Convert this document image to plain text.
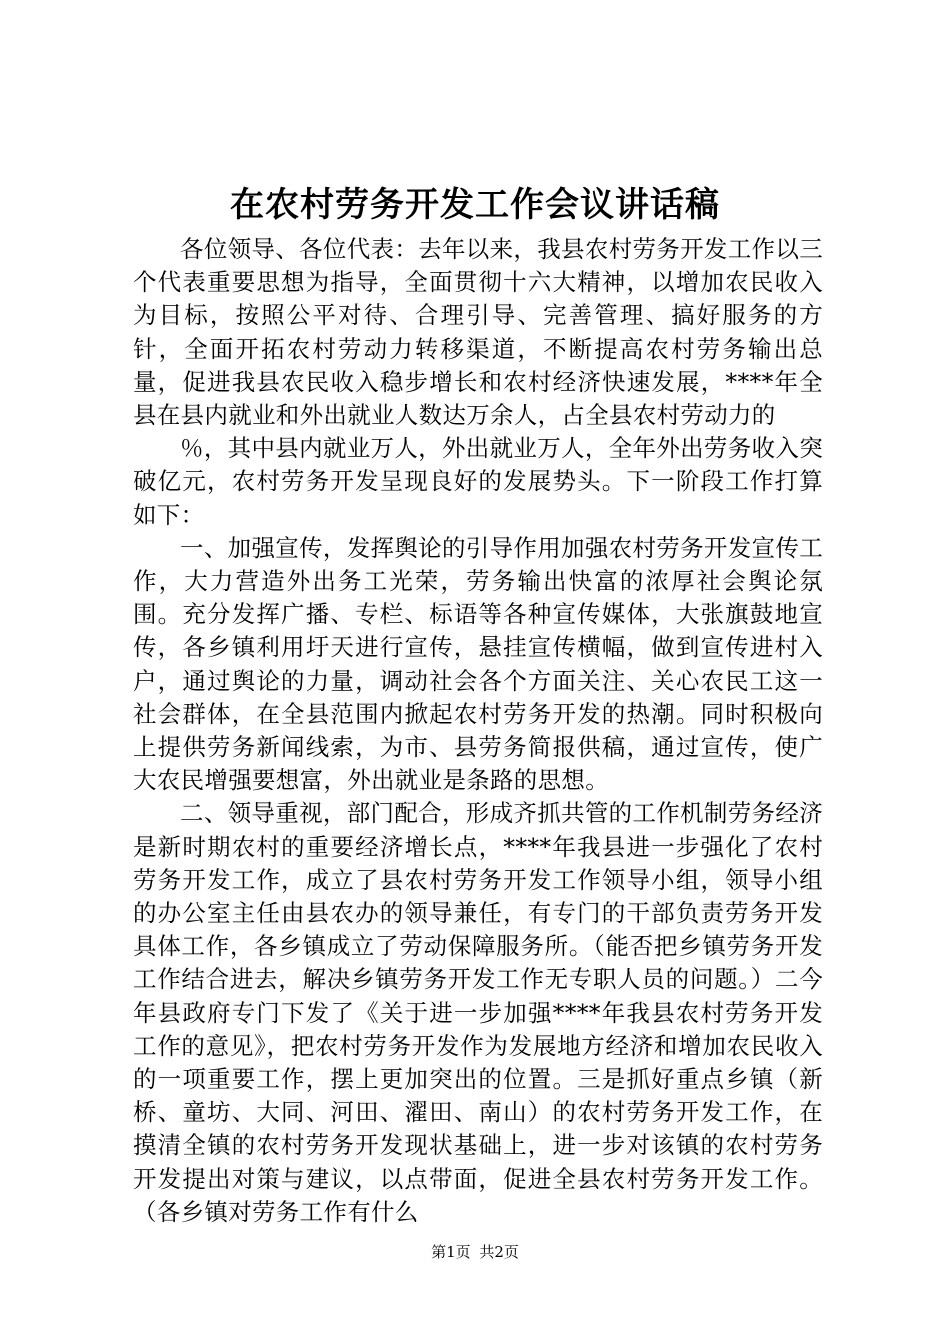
在农村劳务开发工作会议讲话稿

各位领导、各位代表：去年以来，我县农村劳务开发工作以三个代表重要思想为指导，全面贯彻十六大精神，以增加农民收入为目标，按照公平对待、合理引导、完善管理、搞好服务的方针，全面开拓农村劳动力转移渠道，不断提高农村劳务输出总量，促进我县农民收入稳步增长和农村经济快速发展，****年全县在县内就业和外出就业人数达万余人，占全县农村劳动力的

％，其中县内就业万人，外出就业万人，全年外出劳务收入突破亿元，农村劳务开发呈现良好的发展势头。下一阶段工作打算如下：

一、加强宣传，发挥舆论的引导作用加强农村劳务开发宣传工作，大力营造外出务工光荣，劳务输出快富的浓厚社会舆论氛围。充分发挥广播、专栏、标语等各种宣传媒体，大张旗鼓地宣传，各乡镇利用圩天进行宣传，悬挂宣传横幅，做到宣传进村入户，通过舆论的力量，调动社会各个方面关注、关心农民工这一社会群体，在全县范围内掀起农村劳务开发的热潮。同时积极向上提供劳务新闻线索，为市、县劳务简报供稿，通过宣传，使广大农民增强要想富，外出就业是条路的思想。

二、领导重视，部门配合，形成齐抓共管的工作机制劳务经济是新时期农村的重要经济增长点，****年我县进一步强化了农村劳务开发工作，成立了县农村劳务开发工作领导小组，领导小组的办公室主任由县农办的领导兼任，有专门的干部负责劳务开发具体工作，各乡镇成立了劳动保障服务所。（能否把乡镇劳务开发工作结合进去，解决乡镇劳务开发工作无专职人员的问题。）二今年县政府专门下发了《关于进一步加强****年我县农村劳务开发工作的意见》，把农村劳务开发作为发展地方经济和增加农民收入的一项重要工作，摆上更加突出的位置。三是抓好重点乡镇（新桥、童坊、大同、河田、濯田、南山）的农村劳务开发工作，在摸清全镇的农村劳务开发现状基础上，进一步对该镇的农村劳务开发提出对策与建议，以点带面，促进全县农村劳务开发工作。（各乡镇对劳务工作有什么

第1页 共2页
